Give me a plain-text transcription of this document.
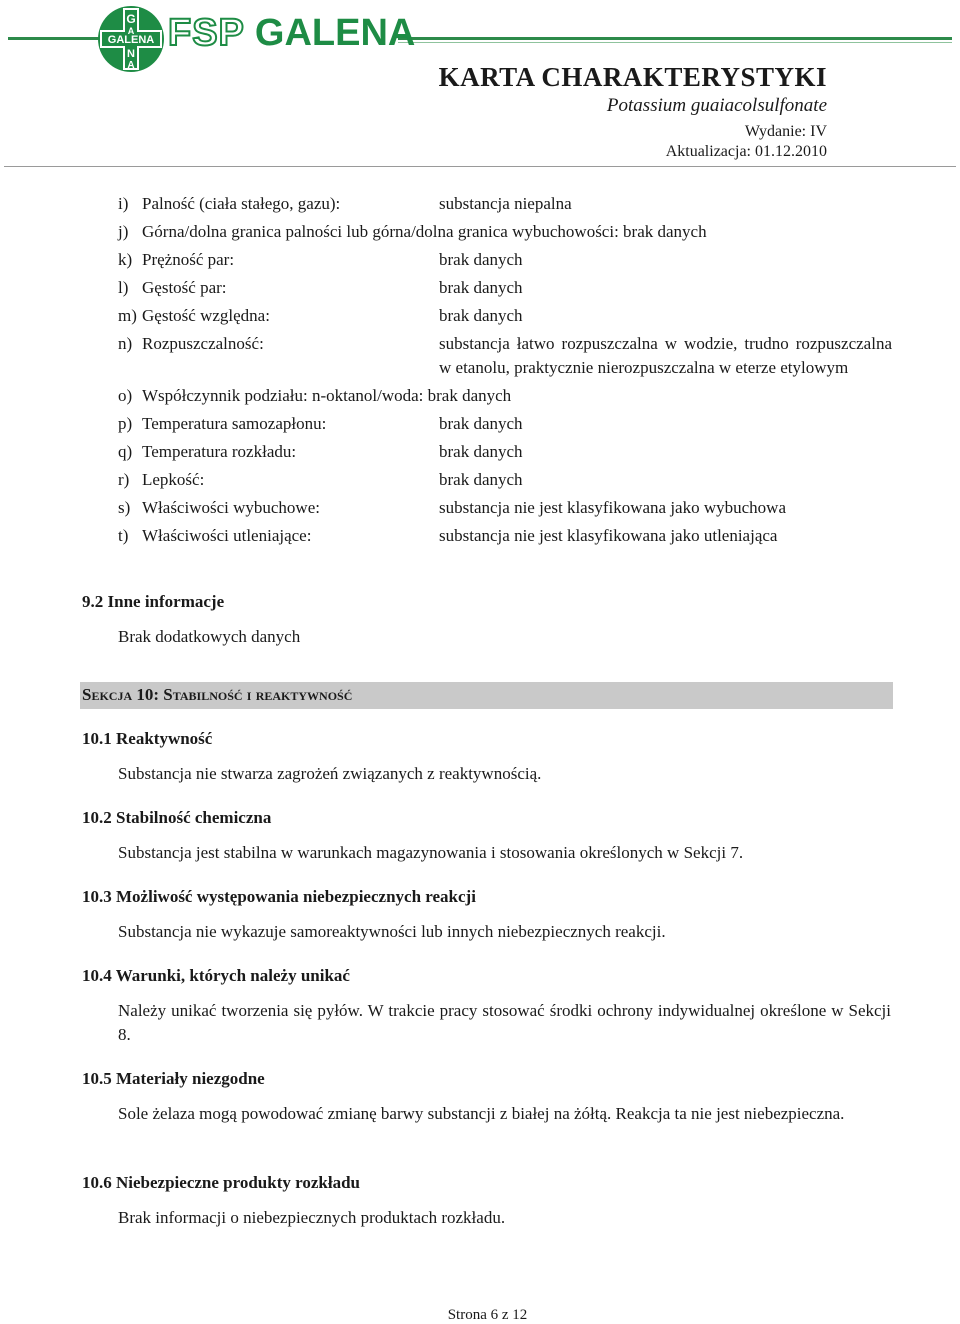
G
A
GALENA
N
A
FSP GALENA
KARTA CHARAKTERYSTYKI
Potassium guaiacolsulfonate
Wydanie: IV
Aktualizacja: 01.12.2010
i) Palność (ciała stałego, gazu):	substancja niepalna
j) Górna/dolna granica palności lub górna/dolna granica wybuchowości: brak danych
k) Prężność par:	brak danych
l) Gęstość par:	brak danych
m) Gęstość względna:	brak danych
n) Rozpuszczalność:	substancja łatwo rozpuszczalna w wodzie, trudno rozpuszczalna w etanolu, praktycznie nierozpuszczalna w eterze etylowym
o) Współczynnik podziału: n-oktanol/woda: brak danych
p) Temperatura samozapłonu:	brak danych
q) Temperatura rozkładu:	brak danych
r) Lepkość:	brak danych
s) Właściwości wybuchowe:	substancja nie jest klasyfikowana jako wybuchowa
t) Właściwości utleniające:	substancja nie jest klasyfikowana jako utleniająca
9.2 Inne informacje
Brak dodatkowych danych
Sekcja 10: Stabilność i reaktywność
10.1 Reaktywność
Substancja nie stwarza zagrożeń związanych z reaktywnością.
10.2 Stabilność chemiczna
Substancja jest stabilna w warunkach magazynowania i stosowania określonych w Sekcji 7.
10.3 Możliwość występowania niebezpiecznych reakcji
Substancja nie wykazuje samoreaktywności lub innych niebezpiecznych reakcji.
10.4 Warunki, których należy unikać
Należy unikać tworzenia się pyłów. W trakcie pracy stosować środki ochrony indywidualnej określone w Sekcji 8.
10.5 Materiały niezgodne
Sole żelaza mogą powodować zmianę barwy substancji z białej na żółtą. Reakcja ta nie jest niebezpieczna.
10.6 Niebezpieczne produkty rozkładu
Brak informacji o niebezpiecznych produktach rozkładu.
Strona 6 z 12
